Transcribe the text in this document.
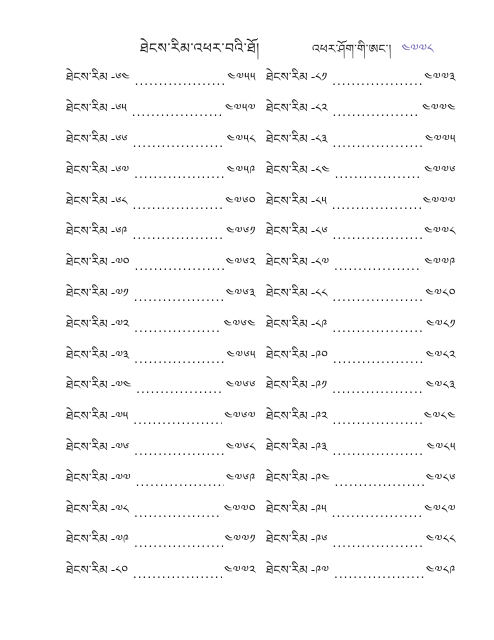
ཐེངས་རིམ་འཕར་བའི་ཐོ།	འཕར་ཤོག་གི་ཨང་། ༤༧༧༨
ཐེངས་རིམ -༦༤ .....	༤༧༥༥
ཐེངས་རིམ -༦༥ .....	༤༧༥༧
ཐེངས་རིམ -༦༦ .....	༤༧༥༨
ཐེངས་རིམ -༦༧ .....	༤༧༥༩
ཐེངས་རིམ -༦༨ .....	༤༧༦༠
ཐེངས་རིམ -༦༩ .....	༤༧༦༡
ཐེངས་རིམ -༧༠ .....	༤༧༦༢
ཐེངས་རིམ -༧༡ .....	༤༧༦༣
ཐེངས་རིམ -༧༢ .....	༤༧༦༤
ཐེངས་རིམ -༧༣ .....	༤༧༦༥
ཐེངས་རིམ -༧༤ .....	༤༧༦༦
ཐེངས་རིམ -༧༥ .....	༤༧༦༧
ཐེངས་རིམ -༧༦ .....	༤༧༦༨
ཐེངས་རིམ -༧༧ .....	༤༧༦༩
ཐེངས་རིམ -༧༨ .....	༤༧༧༠
ཐེངས་རིམ -༧༩ .....	༤༧༧༡
ཐེངས་རིམ -༨༠ .....	༤༧༧༢
ཐེངས་རིམ -༨༡ .....	༤༧༧༣
ཐེངས་རིམ -༨༢ .....	༤༧༧༤
ཐེངས་རིམ -༨༣ .....	༤༧༧༥
ཐེངས་རིམ -༨༤ .....	༤༧༧༦
ཐེངས་རིམ -༨༥ .....	༤༧༧༧
ཐེངས་རིམ -༨༦ .....	༤༧༧༨
ཐེངས་རིམ -༨༧ .....	༤༧༧༩
ཐེངས་རིམ -༨༨ .....	༤༧༨༠
ཐེངས་རིམ -༨༩ .....	༤༧༨༡
ཐེངས་རིམ -༩༠ .....	༤༧༨༢
ཐེངས་རིམ -༩༡ .....	༤༧༨༣
ཐེངས་རིམ -༩༢ .....	༤༧༨༤
ཐེངས་རིམ -༩༣ .....	༤༧༨༥
ཐེངས་རིམ -༩༤ .....	༤༧༨༦
ཐེངས་རིམ -༩༥ .....	༤༧༨༧
ཐེངས་རིམ -༩༦ .....	༤༧༨༨
ཐེངས་རིམ -༩༧ .....	༤༧༨༩
